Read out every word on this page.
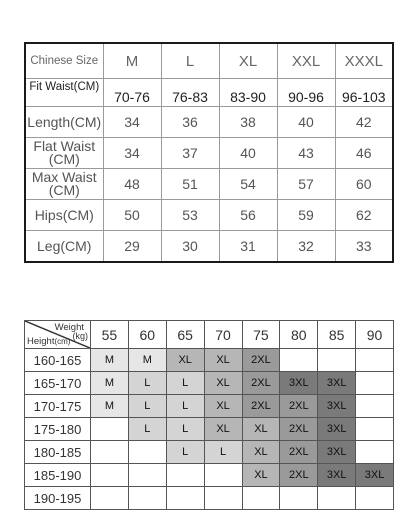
Chinese Size	M	L	XL	XXL	XXXL
Fit Waist(CM)	70-76	76-83	83-90	90-96	96-103
Length(CM)	34	36	38	40	42
Flat Waist (CM)	34	37	40	43	46
Max Waist (CM)	48	51	54	57	60
Hips(CM)	50	53	56	59	62
Leg(CM)	29	30	31	32	33
Weight
(kg)
Height(cm)	55	60	65	70	75	80	85	90
160-165	M	M	XL	XL	2XL			
165-170	M	L	L	XL	2XL	3XL	3XL	
170-175	M	L	L	XL	2XL	2XL	3XL	
175-180		L	L	XL	XL	2XL	3XL	
180-185			L	L	XL	2XL	3XL	
185-190					XL	2XL	3XL	3XL
190-195								
